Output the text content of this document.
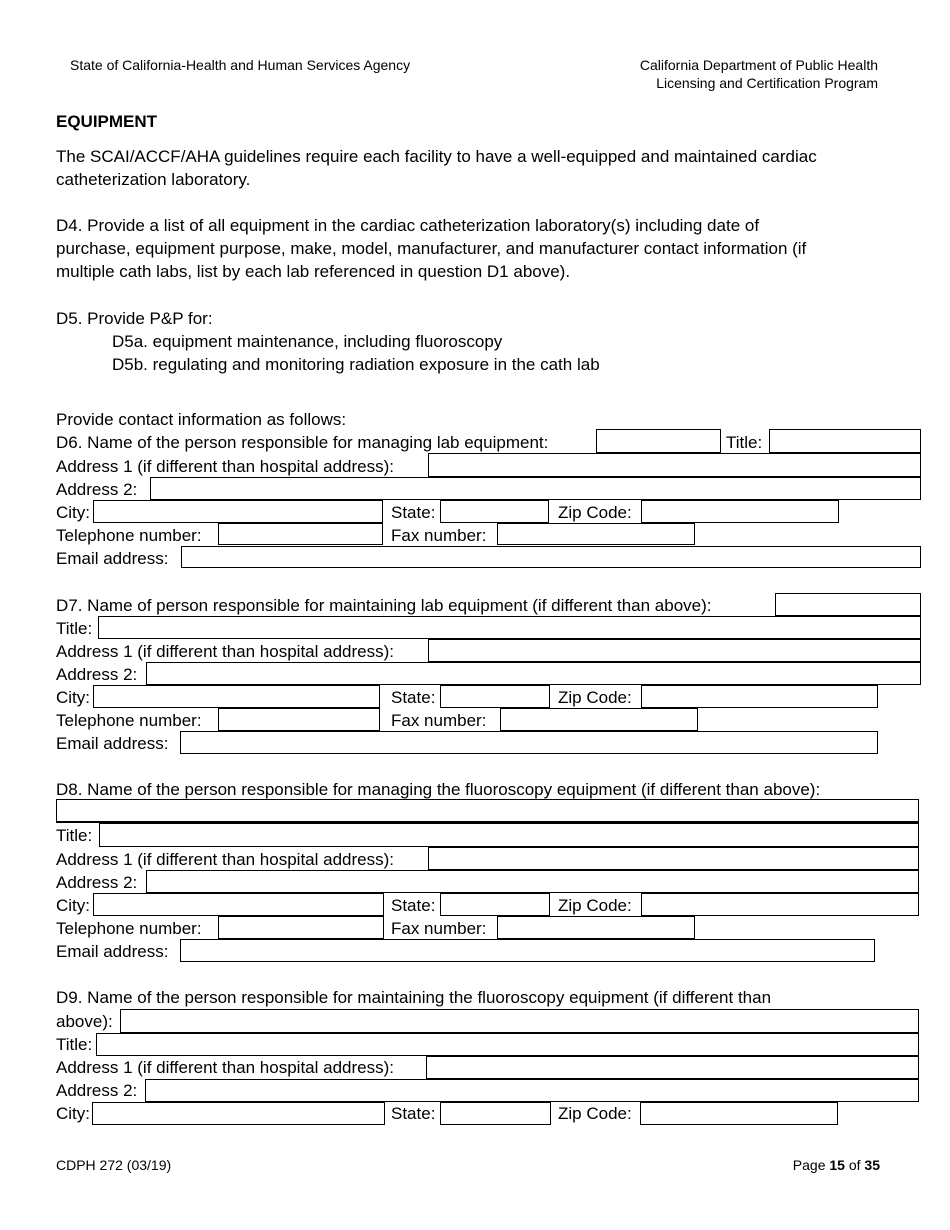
State of California-Health and Human Services Agency	California Department of Public Health
Licensing and Certification Program
EQUIPMENT
The SCAI/ACCF/AHA guidelines require each facility to have a well-equipped and maintained cardiac
catheterization laboratory.
D4. Provide a list of all equipment in the cardiac catheterization laboratory(s) including date of
purchase, equipment purpose, make, model, manufacturer, and manufacturer contact information (if
multiple cath labs, list by each lab referenced in question D1 above).
D5. Provide P&P for:
D5a. equipment maintenance, including fluoroscopy
D5b. regulating and monitoring radiation exposure in the cath lab
Provide contact information as follows:
D6. Name of the person responsible for managing lab equipment:	Title:
Address 1 (if different than hospital address):
Address 2:
City:	State:	Zip Code:
Telephone number:	Fax number:
Email address:
D7. Name of person responsible for maintaining lab equipment (if different than above):
Title:
Address 1 (if different than hospital address):
Address 2:
City:	State:	Zip Code:
Telephone number:	Fax number:
Email address:
D8. Name of the person responsible for managing the fluoroscopy equipment (if different than above):
Title:
Address 1 (if different than hospital address):
Address 2:
City:	State:	Zip Code:
Telephone number:	Fax number:
Email address:
D9. Name of the person responsible for maintaining the fluoroscopy equipment (if different than
above):
Title:
Address 1 (if different than hospital address):
Address 2:
City:	State:	Zip Code:
CDPH 272 (03/19)	Page 15 of 35
